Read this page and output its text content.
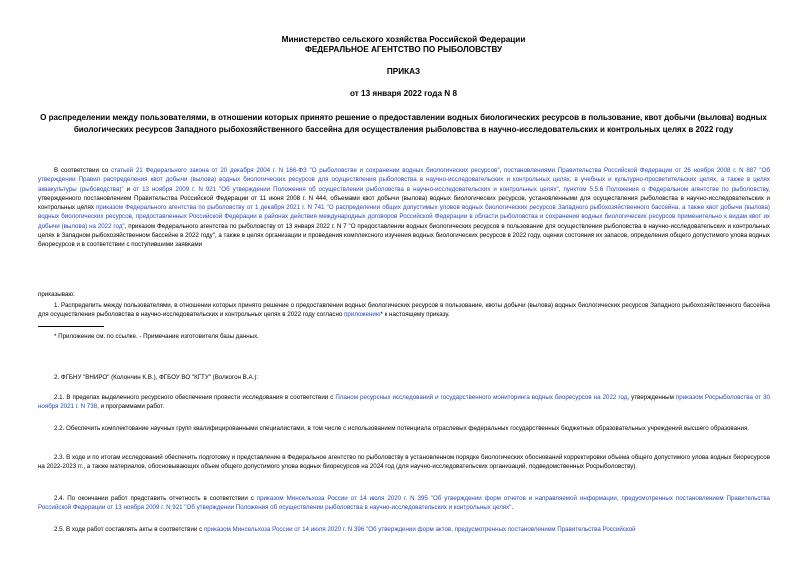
Министерство сельского хозяйства Российской Федерации
ФЕДЕРАЛЬНОЕ АГЕНТСТВО ПО РЫБОЛОВСТВУ
ПРИКАЗ
от 13 января 2022 года N 8
О распределении между пользователями, в отношении которых принято решение о предоставлении водных биологических ресурсов в пользование, квот добычи (вылова) водных биологических ресурсов Западного рыбохозяйственного бассейна для осуществления рыболовства в научно-исследовательских и контрольных целях в 2022 году
В соответствии со статьей 21 Федерального закона от 20 декабря 2004 г. N 166-ФЗ "О рыболовстве и сохранении водных биологических ресурсов", постановлениями Правительства Российской Федерации от 26 ноября 2008 г. N 887 "Об утверждении Правил распределения квот добычи (вылова) водных биологических ресурсов для осуществления рыболовства в научно-исследовательских и контрольных целях, в учебных и культурно-просветительских целях, а также в целях аквакультуры (рыбоводства)" и от 13 ноября 2009 г. N 921 "Об утверждении Положения об осуществлении рыболовства в научно-исследовательских и контрольных целях", пунктом 5.5.6 Положения о Федеральном агентстве по рыболовству, утвержденного постановлением Правительства Российской Федерации от 11 июня 2008 г. N 444, объемами квот добычи (вылова) водных биологических ресурсов, установленными для осуществления рыболовства в научно-исследовательских и контрольных целях приказом Федерального агентства по рыболовству от 1 декабря 2021 г. N 741 "О распределении общих допустимых уловов водных биологических ресурсов Западного рыбохозяйственного бассейна, а также квот добычи (вылова) водных биологических ресурсов, предоставленных Российской Федерации в районах действия международных договоров Российской Федерации в области рыболовства и сохранения водных биологических ресурсов применительно к видам квот их добычи (вылова) на 2022 год", приказом Федерального агентства по рыболовству от 13 января 2022 г. N 7 "О предоставлении водных биологических ресурсов в пользование для осуществления рыболовства в научно-исследовательских и контрольных целях в Западном рыбохозяйственном бассейне в 2022 году", а также в целях организации и проведения комплексного изучения водных биологических ресурсов в 2022 году, оценки состояния их запасов, определения общего допустимого улова водных биоресурсов и в соответствии с поступившими заявками
приказываю:
1. Распределить между пользователями, в отношении которых принято решение о предоставлении водных биологических ресурсов в пользование, квоты добычи (вылова) водных биологических ресурсов Западного рыбохозяйственного бассейна для осуществления рыболовства в научно-исследовательских и контрольных целях в 2022 году согласно приложению* к настоящему приказу.
* Приложение см. по ссылке. - Примечание изготовителя базы данных.
2. ФГБНУ "ВНИРО" (Колончин К.В.), ФГБОУ ВО "КГТУ" (Волкогон В.А.):
2.1. В пределах выделенного ресурсного обеспечения провести исследования в соответствии с Планом ресурсных исследований и государственного мониторинга водных биоресурсов на 2022 год, утвержденным приказом Росрыболовства от 30 ноября 2021 г. N 738, и программами работ.
2.2. Обеспечить комплектование научных групп квалифицированными специалистами, в том числе с использованием потенциала отраслевых федеральных государственных бюджетных образовательных учреждений высшего образования.
2.3. В ходе и по итогам исследований обеспечить подготовку и представление в Федеральное агентство по рыболовству в установленном порядке биологических обоснований корректировки объема общего допустимого улова водных биоресурсов на 2022-2023 гг., а также материалов, обосновывающих объем общего допустимого улова водных биоресурсов на 2024 год (для научно-исследовательских организаций, подведомственных Росрыболовству).
2.4. По окончании работ представить отчетность в соответствии с приказом Минсельхоза России от 14 июля 2020 г. N 395 "Об утверждении форм отчетов и направляемой информации, предусмотренных постановлением Правительства Российской Федерации от 13 ноября 2009 г. N 921 "Об утверждении Положения об осуществлении рыболовства в научно-исследовательских и контрольных целях".
2.5. В ходе работ составлять акты в соответствии с приказом Минсельхоза России от 14 июля 2020 г. N 396 "Об утверждении форм актов, предусмотренных постановлением Правительства Российской
